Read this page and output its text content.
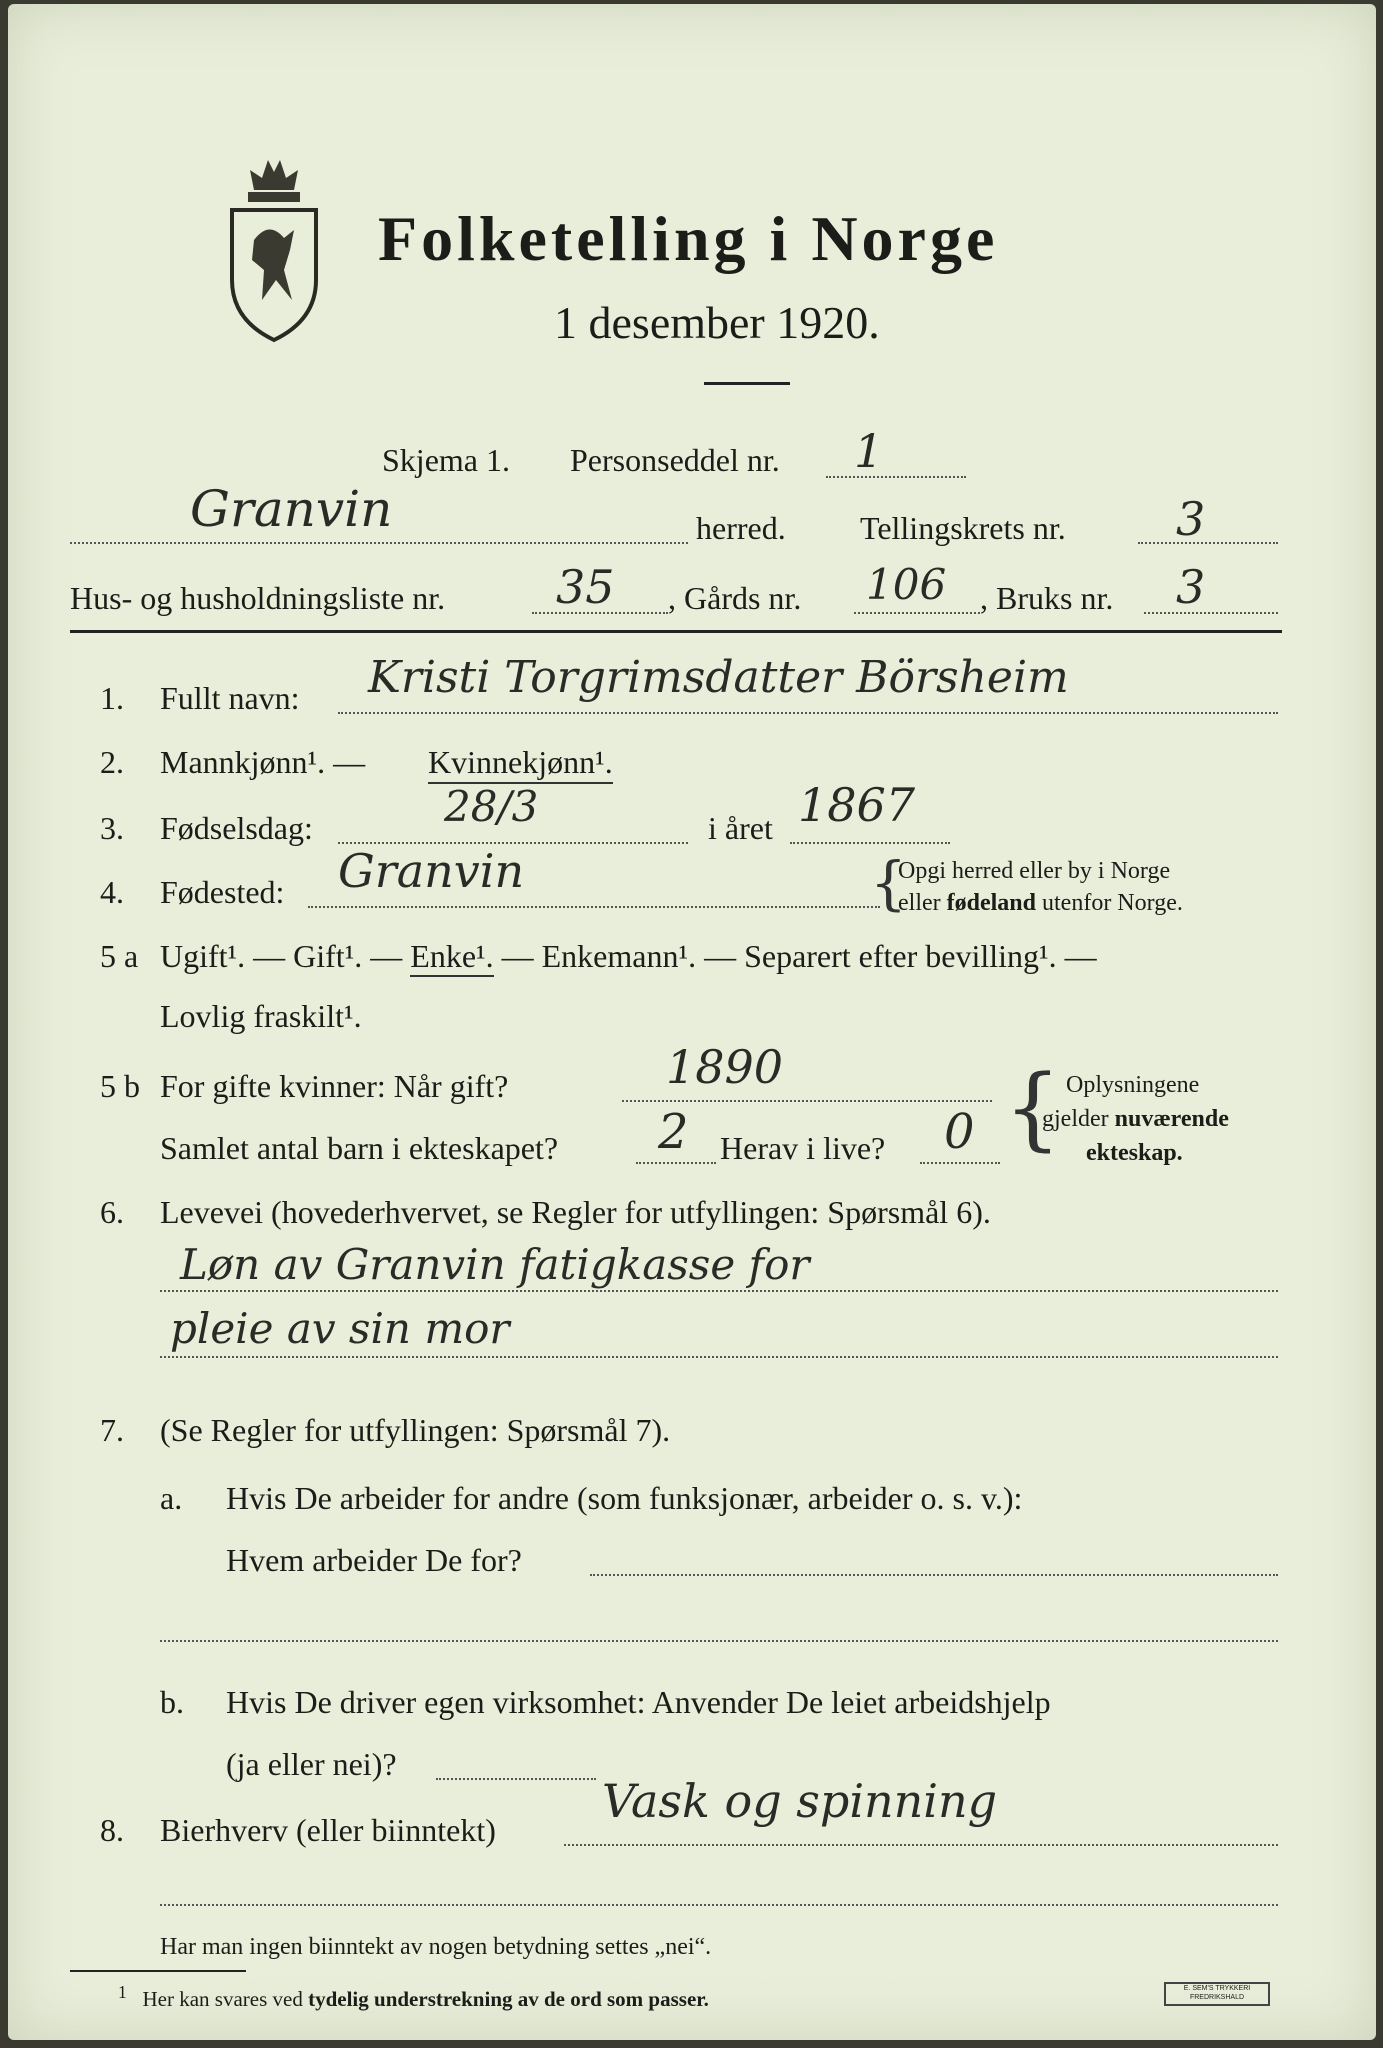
Folketelling i Norge
1 desember 1920.
Skjema 1. Personseddel nr. 1
Granvin	herred. Tellingskrets nr. 3
Hus- og husholdningsliste nr. 35 , Gårds nr. 106 , Bruks nr. 3
1. Fullt navn: Kristi Torgrimsdatter Börsheim
2. Mannkjønn¹. — Kvinnekjønn¹.
3. Fødselsdag:	28/3	i året 1867
4. Fødested: Granvin	{
Opgi herred eller by i Norge
eller fødeland utenfor Norge.
5 a Ugift¹. — Gift¹. — Enke¹. — Enkemann¹. — Separert efter bevilling¹. —
Lovlig fraskilt¹.
5 b For gifte kvinner: Når gift?	1890
Samlet antal barn i ekteskapet? 2 Herav i live? 0 { Oplysningene
gjelder nuværende
ekteskap.
6. Levevei (hovederhvervet, se Regler for utfyllingen: Spørsmål 6).
Løn av Granvin fatigkasse for
pleie av sin mor
7. (Se Regler for utfyllingen: Spørsmål 7).
a. Hvis De arbeider for andre (som funksjonær, arbeider o. s. v.):
Hvem arbeider De for?
b. Hvis De driver egen virksomhet: Anvender De leiet arbeidshjelp
(ja eller nei)?
8. Bierhverv (eller biinntekt)
Vask og spinning
Har man ingen biinntekt av nogen betydning settes „nei“.
$^1$ Her kan svares ved tydelig understrekning av de ord som passer.	E. SEM'S TRYKKERI FREDRIKSHALD
